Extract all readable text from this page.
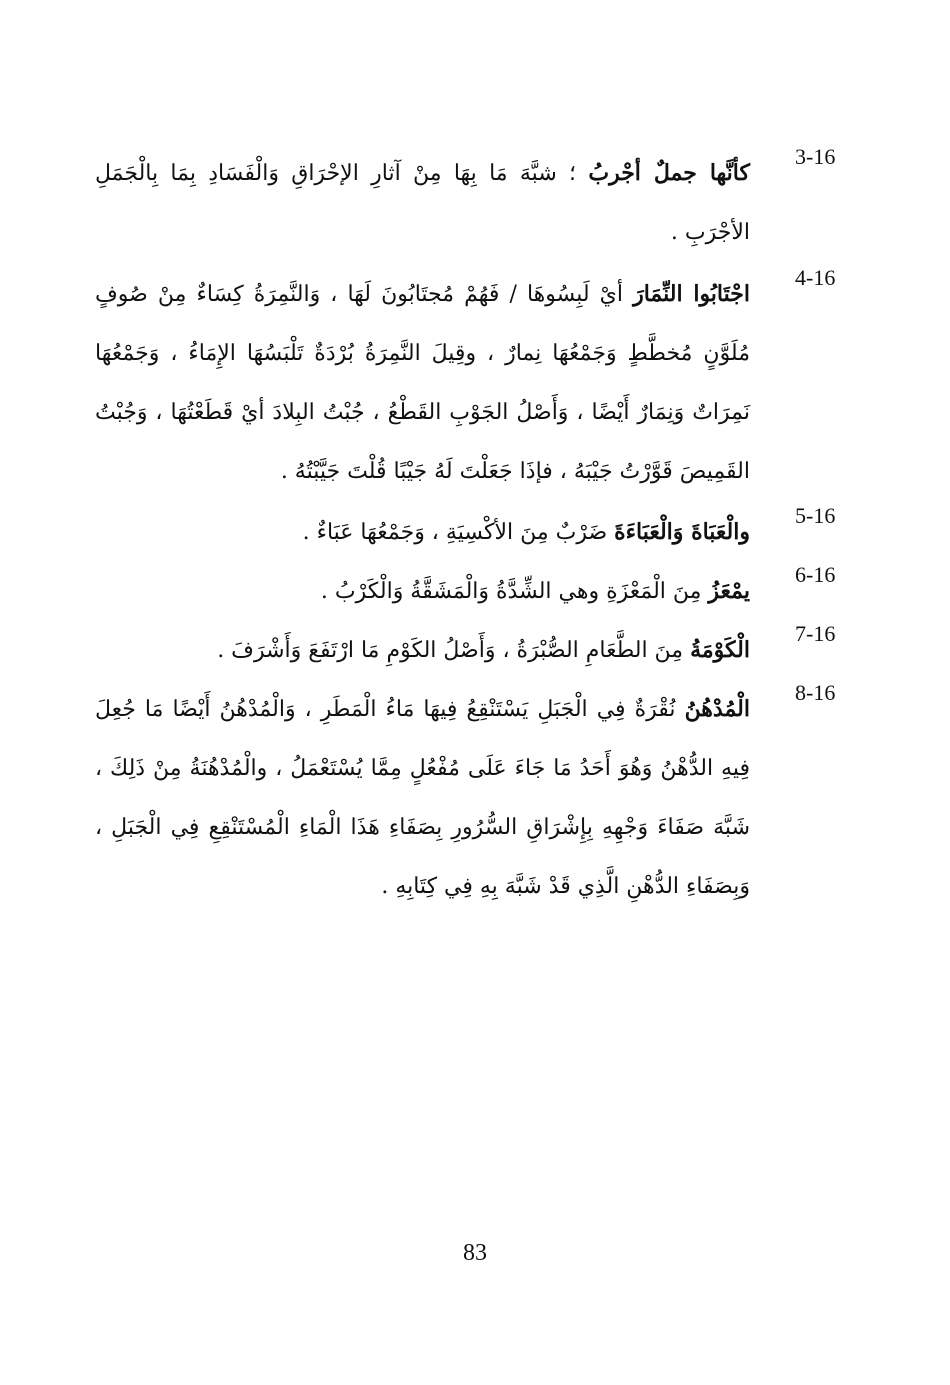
3-16
كأنَّها جملٌ أجْربُ ؛ شبَّهَ مَا بِهَا مِنْ آثارِ الإحْرَاقِ وَالْفَسَادِ بِمَا بِالْجَمَلِ الأجْرَبِ .
4-16
اجْتَابُوا النِّمَارَ أيْ لَبِسُوهَا / فَهُمْ مُجتَابُونَ لَهَا ، وَالنَّمِرَةُ كِسَاءٌ مِنْ صُوفٍ مُلَوَّنٍ مُخطَّطٍ وَجَمْعُهَا نِمارٌ ، وقِيلَ النَّمِرَةُ بُرْدَةٌ تَلْبَسُهَا الإِمَاءُ ، وَجَمْعُهَا نَمِرَاتٌ وَنِمَارٌ أَيْضًا ، وَأَصْلُ الجَوْبِ القَطْعُ ، جُبْتُ البِلادَ أيْ قَطَعْتُهَا ، وَجُبْتُ القَمِيصَ قَوَّرْتُ جَيْبَهُ ، فإذَا جَعَلْتَ لَهُ جَيْبًا قُلْتَ جَيَّبْتُهُ .
5-16
والْعَبَاةَ وَالْعَبَاءَةَ ضَرْبٌ مِنَ الأكْسِيَةِ ، وَجَمْعُهَا عَبَاءٌ .
6-16
يمْعَزُ مِنَ الْمَعْزَةِ وهي الشِّدَّةُ وَالْمَشَقَّةُ وَالْكَرْبُ .
7-16
الْكَوْمَةُ مِنَ الطَّعَامِ الصُّبْرَةُ ، وَأَصْلُ الكَوْمِ مَا ارْتَفَعَ وَأَشْرَفَ .
8-16
الْمُدْهُنُ نُقْرَةٌ فِي الْجَبَلِ يَسْتَنْقِعُ فِيهَا مَاءُ الْمَطَرِ ، وَالْمُدْهُنُ أَيْضًا مَا جُعِلَ فِيهِ الدُّهْنُ وَهُوَ أَحَدُ مَا جَاءَ عَلَى مُفْعُلٍ مِمَّا يُسْتَعْمَلُ ، والْمُدْهُنَةُ مِنْ ذَلِكَ ، شَبَّهَ صَفَاءَ وَجْهِهِ بِإِشْرَاقِ السُّرُورِ بِصَفَاءِ هَذَا الْمَاءِ الْمُسْتَنْقِعِ فِي الْجَبَلِ ، وَبِصَفَاءِ الدُّهْنِ الَّذِي قَدْ شَبَّهَ بِهِ فِي كِتَابِهِ .
83
